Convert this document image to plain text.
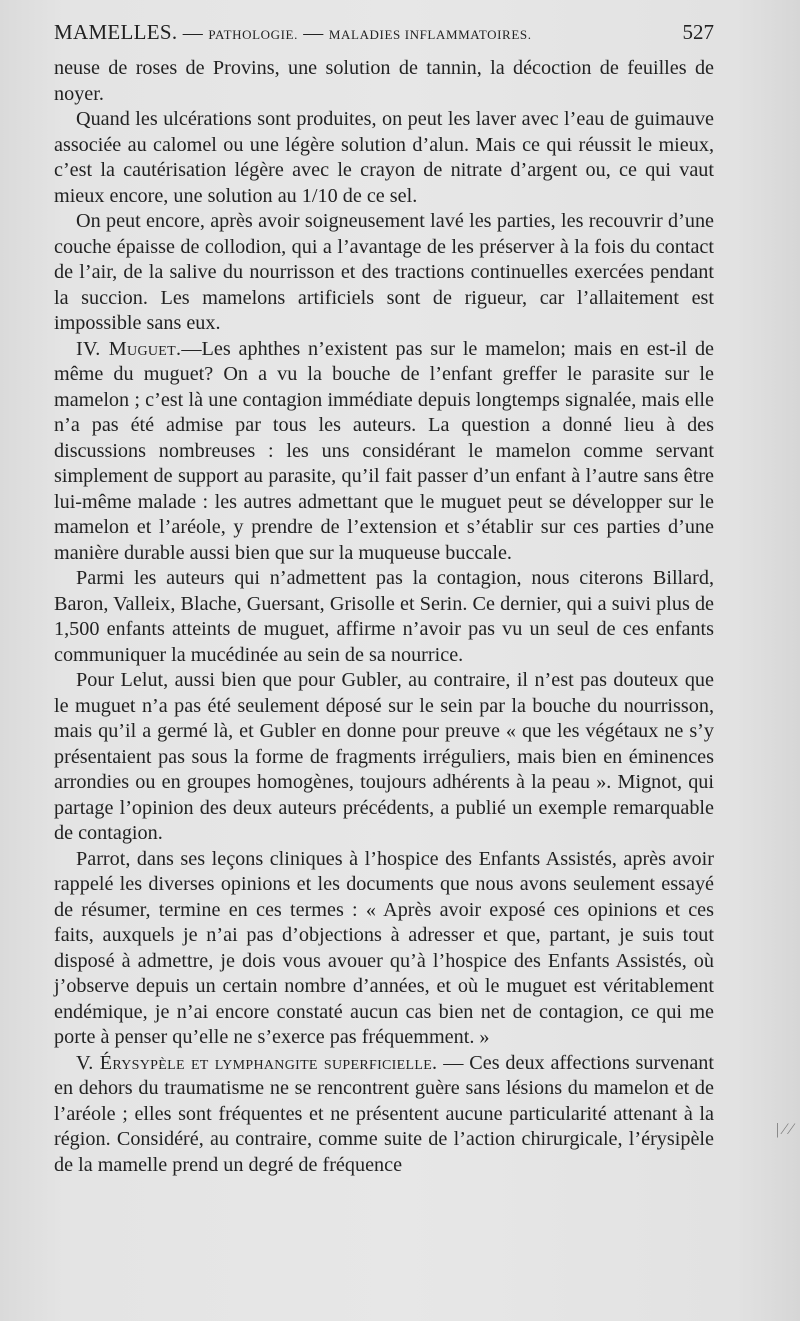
MAMELLES. — PATHOLOGIE. — MALADIES INFLAMMATOIRES.	527

neuse de roses de Provins, une solution de tannin, la décoction de feuilles de noyer.

Quand les ulcérations sont produites, on peut les laver avec l’eau de guimauve associée au calomel ou une légère solution d’alun. Mais ce qui réussit le mieux, c’est la cautérisation légère avec le crayon de nitrate d’argent ou, ce qui vaut mieux encore, une solution au 1/10 de ce sel.

On peut encore, après avoir soigneusement lavé les parties, les recouvrir d’une couche épaisse de collodion, qui a l’avantage de les préserver à la fois du contact de l’air, de la salive du nourrisson et des tractions continuelles exercées pendant la succion. Les mamelons artificiels sont de rigueur, car l’allaitement est impossible sans eux.

IV. Muguet.—Les aphthes n’existent pas sur le mamelon; mais en est-il de même du muguet? On a vu la bouche de l’enfant greffer le parasite sur le mamelon ; c’est là une contagion immédiate depuis longtemps signalée, mais elle n’a pas été admise par tous les auteurs. La question a donné lieu à des discussions nombreuses : les uns considérant le mamelon comme servant simplement de support au parasite, qu’il fait passer d’un enfant à l’autre sans être lui-même malade : les autres admettant que le muguet peut se développer sur le mamelon et l’aréole, y prendre de l’extension et s’établir sur ces parties d’une manière durable aussi bien que sur la muqueuse buccale.

Parmi les auteurs qui n’admettent pas la contagion, nous citerons Billard, Baron, Valleix, Blache, Guersant, Grisolle et Serin. Ce dernier, qui a suivi plus de 1,500 enfants atteints de muguet, affirme n’avoir pas vu un seul de ces enfants communiquer la mucédinée au sein de sa nourrice.

Pour Lelut, aussi bien que pour Gubler, au contraire, il n’est pas douteux que le muguet n’a pas été seulement déposé sur le sein par la bouche du nourrisson, mais qu’il a germé là, et Gubler en donne pour preuve « que les végétaux ne s’y présentaient pas sous la forme de fragments irréguliers, mais bien en éminences arrondies ou en groupes homogènes, toujours adhérents à la peau ». Mignot, qui partage l’opinion des deux auteurs précédents, a publié un exemple remarquable de contagion.

Parrot, dans ses leçons cliniques à l’hospice des Enfants Assistés, après avoir rappelé les diverses opinions et les documents que nous avons seulement essayé de résumer, termine en ces termes : « Après avoir exposé ces opinions et ces faits, auxquels je n’ai pas d’objections à adresser et que, partant, je suis tout disposé à admettre, je dois vous avouer qu’à l’hospice des Enfants Assistés, où j’observe depuis un certain nombre d’années, et où le muguet est véritablement endémique, je n’ai encore constaté aucun cas bien net de contagion, ce qui me porte à penser qu’elle ne s’exerce pas fréquemment. »

V. Érysypèle et lymphangite superficielle. — Ces deux affections survenant en dehors du traumatisme ne se rencontrent guère sans lésions du mamelon et de l’aréole ; elles sont fréquentes et ne présentent aucune particularité attenant à la région. Considéré, au contraire, comme suite de l’action chirurgicale, l’érysipèle de la mamelle prend un degré de fréquence

| ⁄ ⁄
